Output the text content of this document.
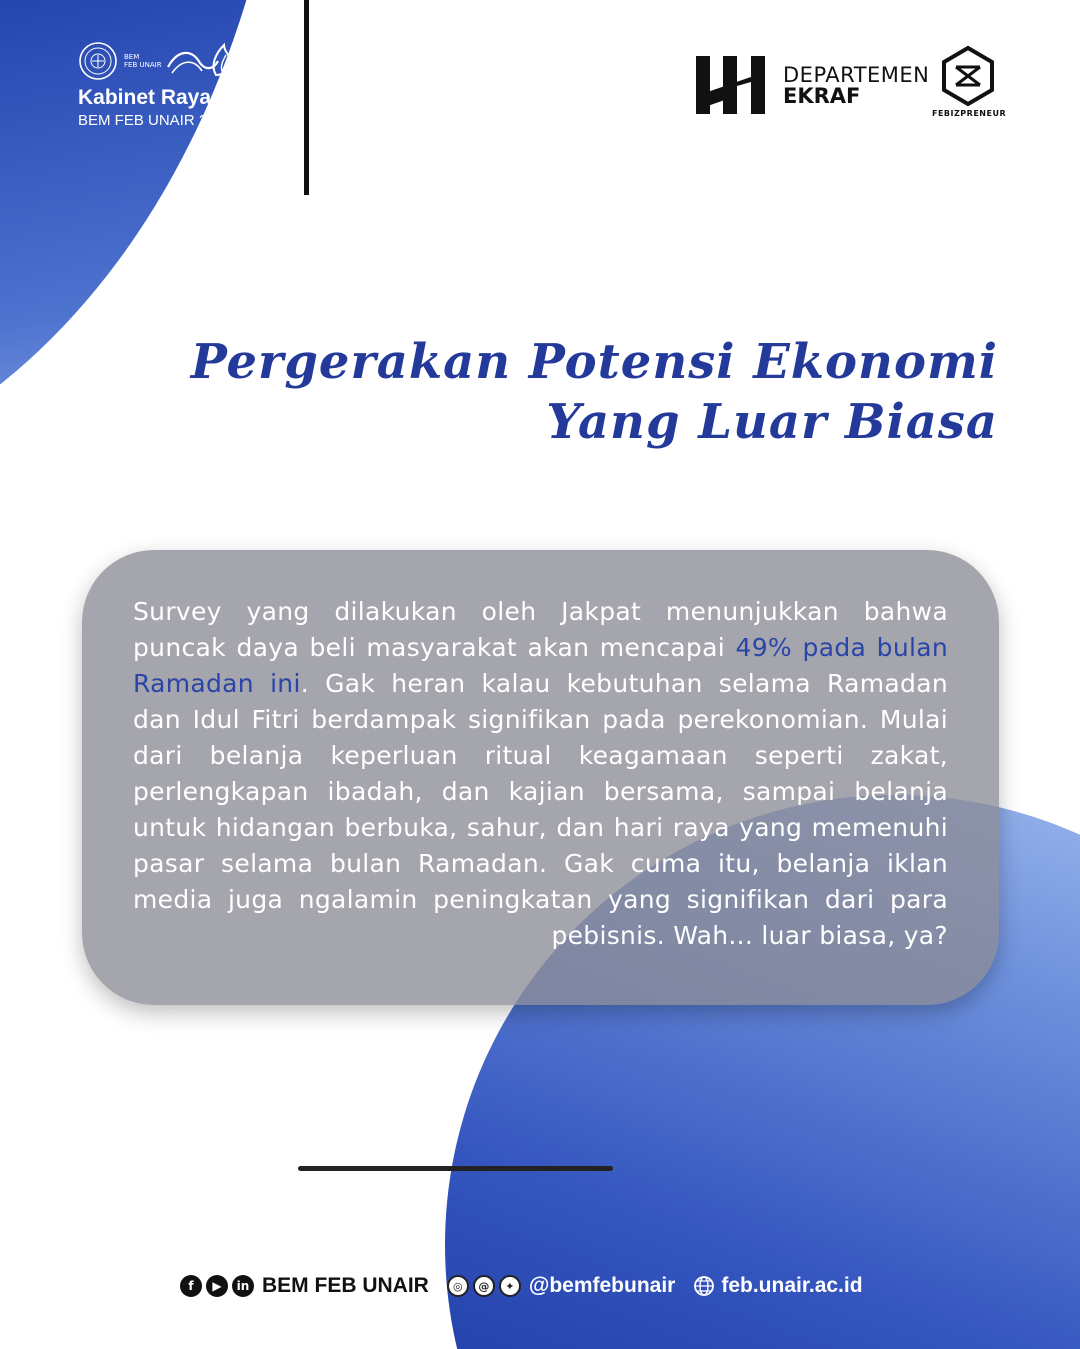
BEM
FEB UNAIR
Kabinet Raya Asa
BEM FEB UNAIR 2024
DEPARTEMEN
EKRAF
FEBIZPRENEUR
Pergerakan Potensi Ekonomi
Yang Luar Biasa
Survey yang dilakukan oleh Jakpat menunjukkan bahwa puncak daya beli masyarakat akan mencapai 49% pada bulan Ramadan ini. Gak heran kalau kebutuhan selama Ramadan dan Idul Fitri berdampak signifikan pada perekonomian. Mulai dari belanja keperluan ritual keagamaan seperti zakat, perlengkapan ibadah, dan kajian bersama, sampai belanja untuk hidangan berbuka, sahur, dan hari raya yang memenuhi pasar selama bulan Ramadan. Gak cuma itu, belanja iklan media juga ngalamin peningkatan yang signifikan dari para pebisnis. Wah... luar biasa, ya?
f	▶	in BEM FEB UNAIR	◎	@	✦ @bemfebunair feb.unair.ac.id
